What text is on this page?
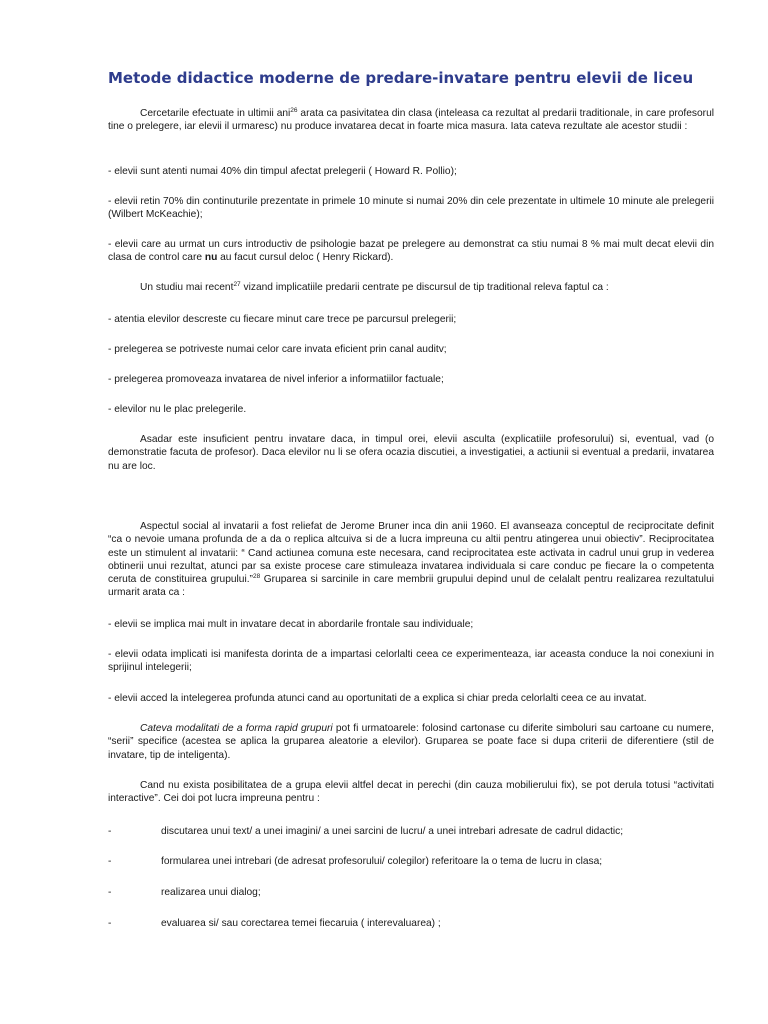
Metode didactice moderne de predare-invatare pentru elevii de liceu

Cercetarile efectuate in ultimii ani$^{26}$ arata ca pasivitatea din clasa (inteleasa ca rezultat al predarii traditionale, in care profesorul tine o prelegere, iar elevii il urmaresc) nu produce invatarea decat in foarte mica masura. Iata cateva rezultate ale acestor studii :

- elevii sunt atenti numai 40% din timpul afectat prelegerii ( Howard R. Pollio);

- elevii retin 70% din continuturile prezentate in primele 10 minute si numai 20% din cele prezentate in ultimele 10 minute ale prelegerii (Wilbert McKeachie);

- elevii care au urmat un curs introductiv de psihologie bazat pe prelegere au demonstrat ca stiu numai 8 % mai mult decat elevii din clasa de control care nu au facut cursul deloc ( Henry Rickard).

Un studiu mai recent$^{27}$ vizand implicatiile predarii centrate pe discursul de tip traditional releva faptul ca :

- atentia elevilor descreste cu fiecare minut care trece pe parcursul prelegerii;

- prelegerea se potriveste numai celor care invata eficient prin canal auditv;

- prelegerea promoveaza invatarea de nivel inferior a informatiilor factuale;

- elevilor nu le plac prelegerile.

Asadar este insuficient pentru invatare daca, in timpul orei, elevii asculta (explicatiile profesorului) si, eventual, vad (o demonstratie facuta de profesor). Daca elevilor nu li se ofera ocazia discutiei, a investigatiei, a actiunii si eventual a predarii, invatarea nu are loc.

Aspectul social al invatarii a fost reliefat de Jerome Bruner inca din anii 1960. El avanseaza conceptul de reciprocitate definit “ca o nevoie umana profunda de a da o replica altcuiva si de a lucra impreuna cu altii pentru atingerea unui obiectiv”. Reciprocitatea este un stimulent al invatarii: “ Cand actiunea comuna este necesara, cand reciprocitatea este activata in cadrul unui grup in vederea obtinerii unui rezultat, atunci par sa existe procese care stimuleaza invatarea individuala si care conduc pe fiecare la o competenta ceruta de constituirea grupului.”$^{28}$ Gruparea si sarcinile in care membrii grupului depind unul de celalalt pentru realizarea rezultatului urmarit arata ca :

- elevii se implica mai mult in invatare decat in abordarile frontale sau individuale;

- elevii odata implicati isi manifesta dorinta de a impartasi celorlalti ceea ce experimenteaza, iar aceasta conduce la noi conexiuni in sprijinul intelegerii;

- elevii acced la intelegerea profunda atunci cand au oportunitati de a explica si chiar preda celorlalti ceea ce au invatat.

Cateva modalitati de a forma rapid grupuri pot fi urmatoarele: folosind cartonase cu diferite simboluri sau cartoane cu numere, “serii” specifice (acestea se aplica la gruparea aleatorie a elevilor). Gruparea se poate face si dupa criterii de diferentiere (stil de invatare, tip de inteligenta).

Cand nu exista posibilitatea de a grupa elevii altfel decat in perechi (din cauza mobilierului fix), se pot derula totusi “activitati interactive”. Cei doi pot lucra impreuna pentru :

-	discutarea unui text/ a unei imagini/ a unei sarcini de lucru/ a unei intrebari adresate de cadrul didactic;
-	formularea unei intrebari (de adresat profesorului/ colegilor) referitoare la o tema de lucru in clasa;
-	realizarea unui dialog;
-	evaluarea si/ sau corectarea temei fiecaruia ( interevaluarea) ;
